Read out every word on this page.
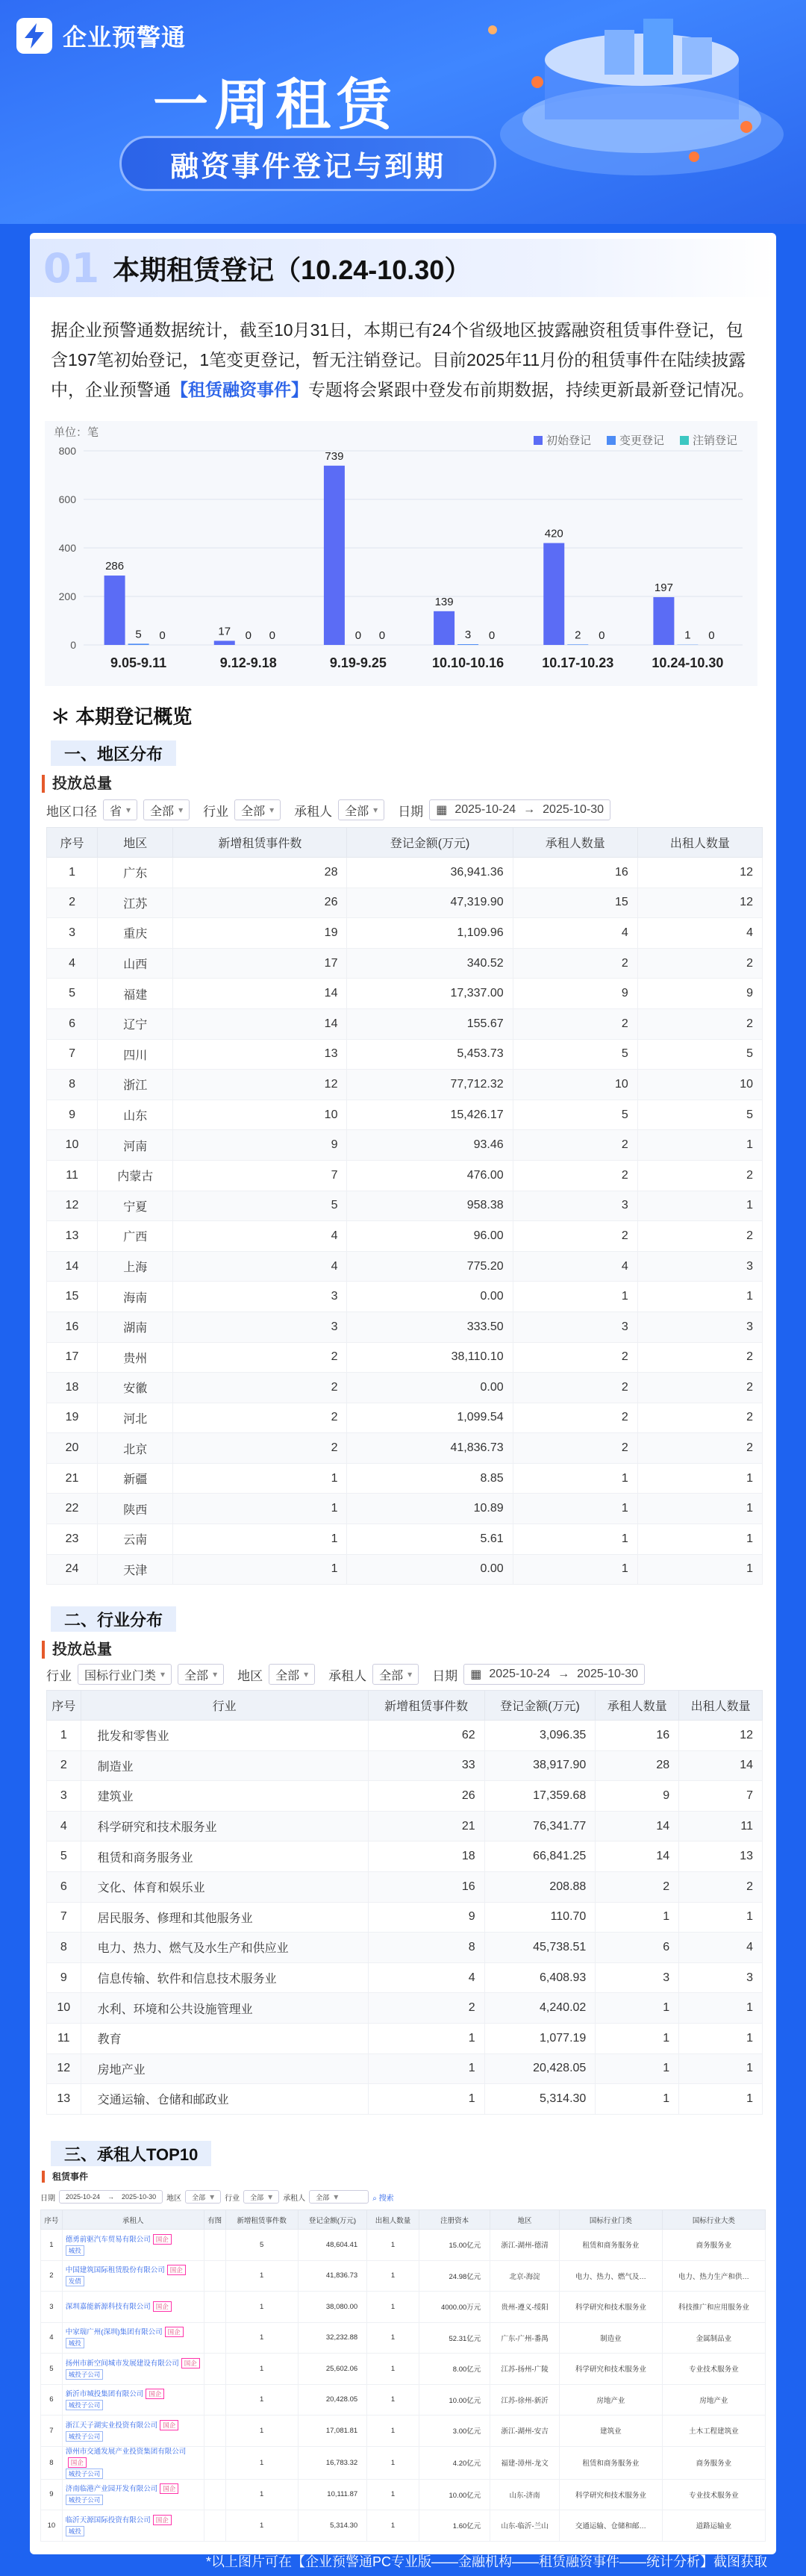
企业预警通
一周租赁
融资事件登记与到期
01 本期租赁登记（10.24-10.30）
据企业预警通数据统计，截至10月31日，本期已有24个省级地区披露融资租赁事件登记，包含197笔初始登记，1笔变更登记，暂无注销登记。目前2025年11月份的租赁事件在陆续披露中，企业预警通【租赁融资事件】专题将会紧跟中登发布前期数据，持续更新最新登记情况。
单位：笔
0
200
400
600
800
9.05-9.11
286
5 0
9.12-9.18
17 0 0
9.19-9.25
739
0 0
10.10-10.16
139
3 0
10.17-10.23
420
2 0
10.24-10.30
197
1 0
初始登记	变更登记	注销登记
＊ 本期登记概览
一、地区分布
投放总量
地区口径	省 ▾	全部 ▾	行业	全部 ▾	承租人	全部 ▾	日期 ▦ 2025-10-24 → 2025-10-30
序号	地区	新增租赁事件数	登记金额(万元)	承租人数量	出租人数量
1	广东	28	36,941.36	16	12
2	江苏	26	47,319.90	15	12
3	重庆	19	1,109.96	4	4
4	山西	17	340.52	2	2
5	福建	14	17,337.00	9	9
6	辽宁	14	155.67	2	2
7	四川	13	5,453.73	5	5
8	浙江	12	77,712.32	10	10
9	山东	10	15,426.17	5	5
10	河南	9	93.46	2	1
11	内蒙古	7	476.00	2	2
12	宁夏	5	958.38	3	1
13	广西	4	96.00	2	2
14	上海	4	775.20	4	3
15	海南	3	0.00	1	1
16	湖南	3	333.50	3	3
17	贵州	2	38,110.10	2	2
18	安徽	2	0.00	2	2
19	河北	2	1,099.54	2	2
20	北京	2	41,836.73	2	2
21	新疆	1	8.85	1	1
22	陕西	1	10.89	1	1
23	云南	1	5.61	1	1
24	天津	1	0.00	1	1
二、行业分布
投放总量
行业	国标行业门类 ▾	全部 ▾	地区	全部 ▾	承租人	全部 ▾	日期 ▦ 2025-10-24 → 2025-10-30
序号	行业	新增租赁事件数	登记金额(万元)	承租人数量	出租人数量
1	批发和零售业	62	3,096.35	16	12
2	制造业	33	38,917.90	28	14
3	建筑业	26	17,359.68	9	7
4	科学研究和技术服务业	21	76,341.77	14	11
5	租赁和商务服务业	18	66,841.25	14	13
6	文化、体育和娱乐业	16	208.88	2	2
7	居民服务、修理和其他服务业	9	110.70	1	1
8	电力、热力、燃气及水生产和供应业	8	45,738.51	6	4
9	信息传输、软件和信息技术服务业	4	6,408.93	3	3
10	水利、环境和公共设施管理业	2	4,240.02	1	1
11	教育	1	1,077.19	1	1
12	房地产业	1	20,428.05	1	1
13	交通运输、仓储和邮政业	1	5,314.30	1	1
三、承租人TOP10
租赁事件
日期 2025-10-24 → 2025-10-30 地区	全部 ▾	行业	全部 ▾	承租人	全部 ▾	⌕ 搜索
序号	承租人	有图	新增租赁事件数	登记金额(万元)	出租人数量	注册资本	地区	国标行业门类	国标行业大类
1	德勇前驱汽车贸易有限公司 国企
城投		5	48,604.41	1	15.00亿元	浙江-湖州-德清	租赁和商务服务业	商务服务业
2	中国建筑国际租赁股份有限公司 国企
发债		1	41,836.73	1	24.98亿元	北京-海淀	电力、热力、燃气及…	电力、热力生产和供…
3	深圳嘉能新源科技有限公司 国企		1	38,080.00	1	4000.00万元	贵州-遵义-绥阳	科学研究和技术服务业	科技推广和应用服务业
4	中家瑞广州(深圳)集团有限公司 国企
城投		1	32,232.88	1	52.31亿元	广东-广州-番禺	制造业	金属制品业
5	扬州市新空间城市发展建设有限公司 国企
城投子公司		1	25,602.06	1	8.00亿元	江苏-扬州-广陵	科学研究和技术服务业	专业技术服务业
6	新沂市城投集团有限公司 国企
城投子公司		1	20,428.05	1	10.00亿元	江苏-徐州-新沂	房地产业	房地产业
7	浙江天子湖实业投资有限公司 国企
城投子公司		1	17,081.81	1	3.00亿元	浙江-湖州-安吉	建筑业	土木工程建筑业
8	漳州市交通发展产业投资集团有限公司国企
城投子公司		1	16,783.32	1	4.20亿元	福建-漳州-龙文	租赁和商务服务业	商务服务业
9	济南临港产业园开发有限公司 国企
城投子公司		1	10,111.87	1	10.00亿元	山东-济南	科学研究和技术服务业	专业技术服务业
10	临沂天源国际投资有限公司 国企
城投		1	5,314.30	1	1.60亿元	山东-临沂-兰山	交通运输、仓储和邮…	道路运输业
*以上图片可在【企业预警通PC专业版——金融机构——租赁融资事件——统计分析】截图获取
